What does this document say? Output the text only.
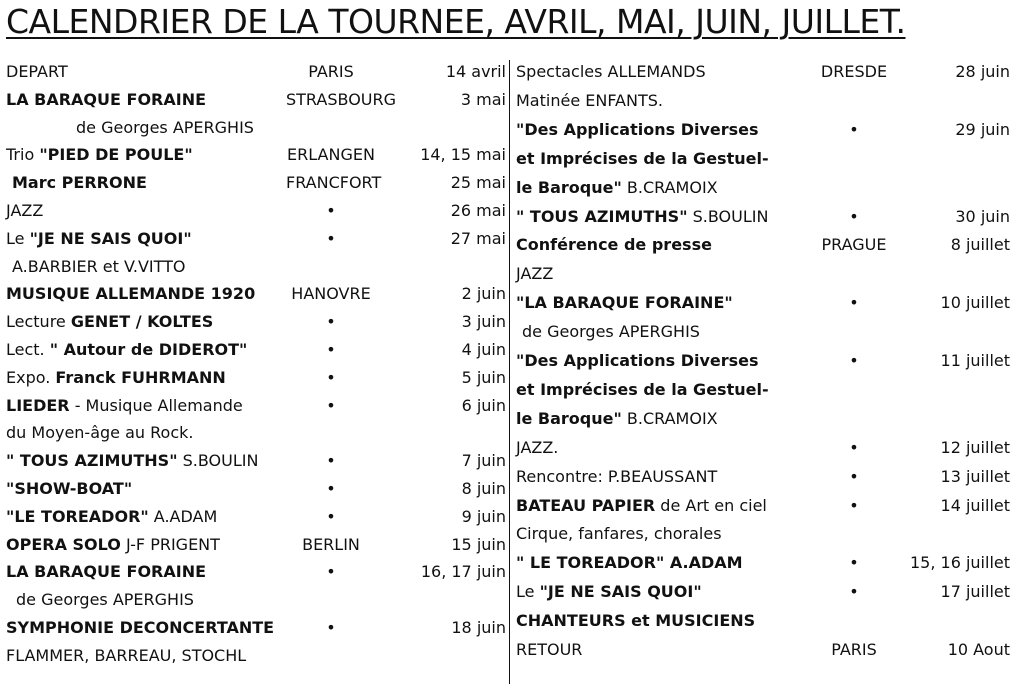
CALENDRIER DE LA TOURNEE, AVRIL, MAI, JUIN, JUILLET.
DEPART	PARIS	14 avril
LA BARAQUE FORAINE	STRASBOURG	3 mai
de Georges APERGHIS
Trio "PIED DE POULE"	ERLANGEN	14, 15 mai
Marc PERRONE	FRANCFORT	25 mai
JAZZ	•	26 mai
Le "JE NE SAIS QUOI"	•	27 mai
A.BARBIER et V.VITTO
MUSIQUE ALLEMANDE 1920	HANOVRE	2 juin
Lecture GENET / KOLTES	•	3 juin
Lect. " Autour de DIDEROT"	•	4 juin
Expo. Franck FUHRMANN	•	5 juin
LIEDER - Musique Allemande	•	6 juin
du Moyen-âge au Rock.
" TOUS AZIMUTHS" S.BOULIN	•	7 juin
"SHOW-BOAT"	•	8 juin
"LE TOREADOR" A.ADAM	•	9 juin
OPERA SOLO J-F PRIGENT	BERLIN	15 juin
LA BARAQUE FORAINE	•	16, 17 juin
de Georges APERGHIS
SYMPHONIE DECONCERTANTE	•	18 juin
FLAMMER, BARREAU, STOCHL
Spectacles ALLEMANDS	DRESDE	28 juin
Matinée ENFANTS.
"Des Applications Diverses	•	29 juin
et Imprécises de la Gestuel-
le Baroque" B.CRAMOIX
" TOUS AZIMUTHS" S.BOULIN	•	30 juin
Conférence de presse	PRAGUE	8 juillet
JAZZ
"LA BARAQUE FORAINE"	•	10 juillet
de Georges APERGHIS
"Des Applications Diverses	•	11 juillet
et Imprécises de la Gestuel-
le Baroque" B.CRAMOIX
JAZZ.	•	12 juillet
Rencontre: P.BEAUSSANT	•	13 juillet
BATEAU PAPIER de Art en ciel	•	14 juillet
Cirque, fanfares, chorales
" LE TOREADOR" A.ADAM	•	15, 16 juillet
Le "JE NE SAIS QUOI"	•	17 juillet
CHANTEURS et MUSICIENS
RETOUR	PARIS	10 Aout
